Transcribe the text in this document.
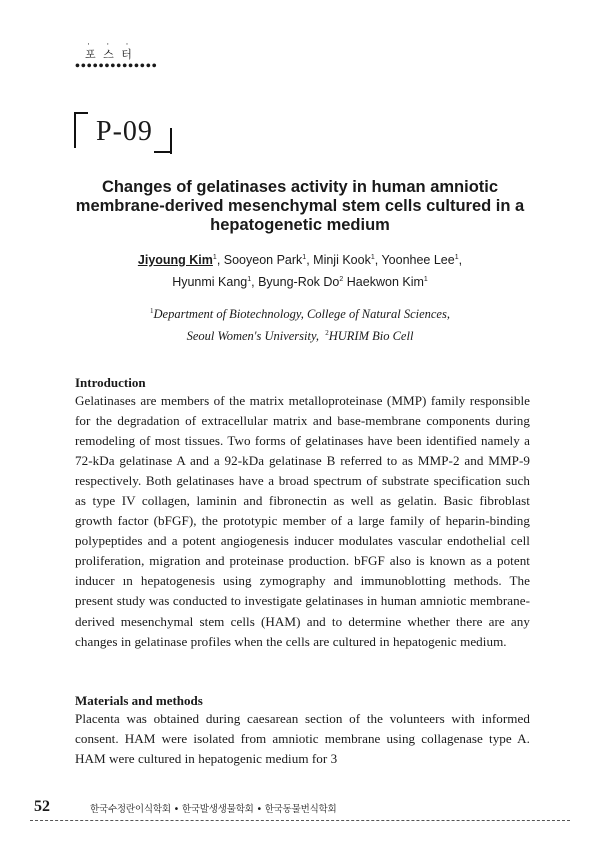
· · ·
포 스 터
••••••••••••••
P-09
Changes of gelatinases activity in human amniotic membrane-derived mesenchymal stem cells cultured in a hepatogenetic medium
Jiyoung Kim$^1$, Sooyeon Park$^1$, Minji Kook$^1$, Yoonhee Lee$^1$,
Hyunmi Kang$^1$, Byung-Rok Do$^2$ Haekwon Kim$^1$
$^1$Department of Biotechnology, College of Natural Sciences,
Seoul Women's University, $^2$HURIM Bio Cell
Introduction
Gelatinases are members of the matrix metalloproteinase (MMP) family responsible for the degradation of extracellular matrix and base-membrane components during remodeling of most tissues. Two forms of gelatinases have been identified namely a 72-kDa gelatinase A and a 92-kDa gelatinase B referred to as MMP-2 and MMP-9 respectively. Both gelatinases have a broad spectrum of substrate specification such as type IV collagen, laminin and fibronectin as well as gelatin. Basic fibroblast growth factor (bFGF), the prototypic member of a large family of heparin-binding polypeptides and a potent angiogenesis inducer modulates vascular endothelial cell proliferation, migration and proteinase production. bFGF also is known as a potent inducer ın hepatogenesis using zymography and immunoblotting methods. The present study was conducted to investigate gelatinases in human amniotic membrane-derived mesenchymal stem cells (HAM) and to determine whether there are any changes in gelatinase profiles when the cells are cultured in hepatogenic medium.
Materials and methods
Placenta was obtained during caesarean section of the volunteers with informed consent. HAM were isolated from amniotic membrane using collagenase type A. HAM were cultured in hepatogenic medium for 3
52	한국수정란이식학회 • 한국발생생물학회 • 한국동물번식학회
